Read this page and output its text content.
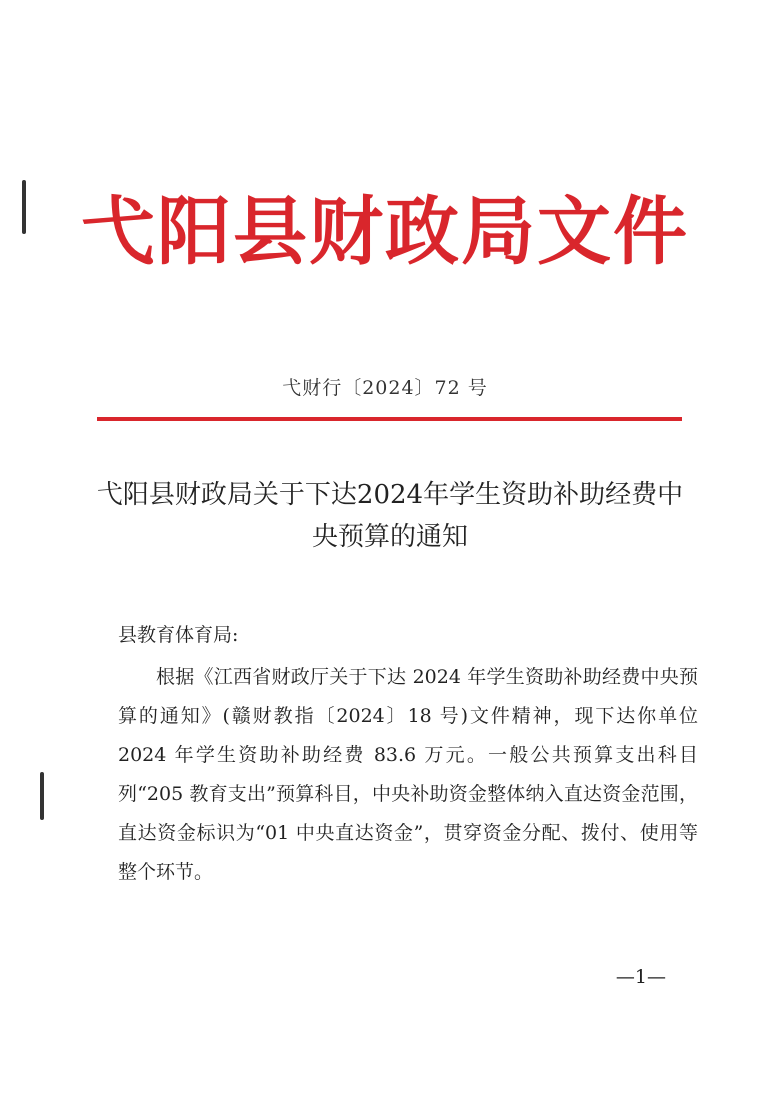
弋阳县财政局文件
弋财行〔2024〕72 号
弋阳县财政局关于下达2024年学生资助补助经费中央预算的通知
县教育体育局:
根据《江西省财政厅关于下达 2024 年学生资助补助经费中央预算的通知》(赣财教指〔2024〕18 号)文件精神，现下达你单位 2024 年学生资助补助经费 83.6 万元。一般公共预算支出科目列“205 教育支出”预算科目，中央补助资金整体纳入直达资金范围，直达资金标识为“01 中央直达资金”，贯穿资金分配、拨付、使用等整个环节。
—1—
